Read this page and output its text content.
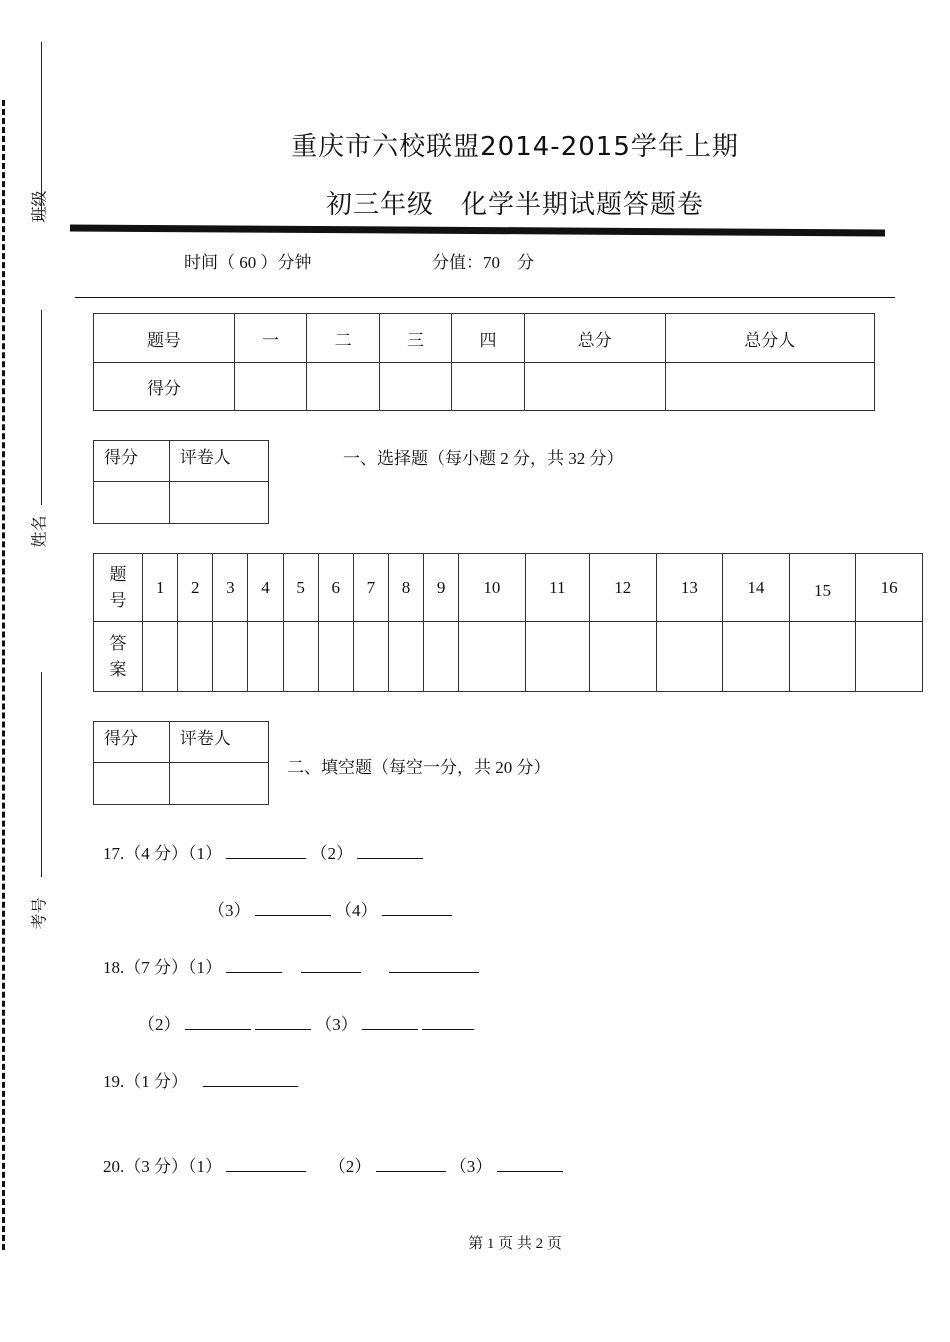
班级
姓名
考号
重庆市六校联盟2014-2015学年上期
初三年级　化学半期试题答题卷
时间（ 60 ）分钟	分值：70　分
题号	一	二	三	四	总分	总分人
得分						
得分	评卷人
		一、选择题（每小题 2 分，共 32 分）
题
号	1	2	3	4	5	6	7	8	9	10	11	12	13	14	15	16
答
案																
得分	评卷人

二、填空题（每空一分，共 20 分）
17.（4 分）（1）	（2）
（3）	（4）
18.（7 分）（1）
（2）	（3）
19.（1 分）
20.（3 分）（1）	（2）	（3）
第 1 页 共 2 页
